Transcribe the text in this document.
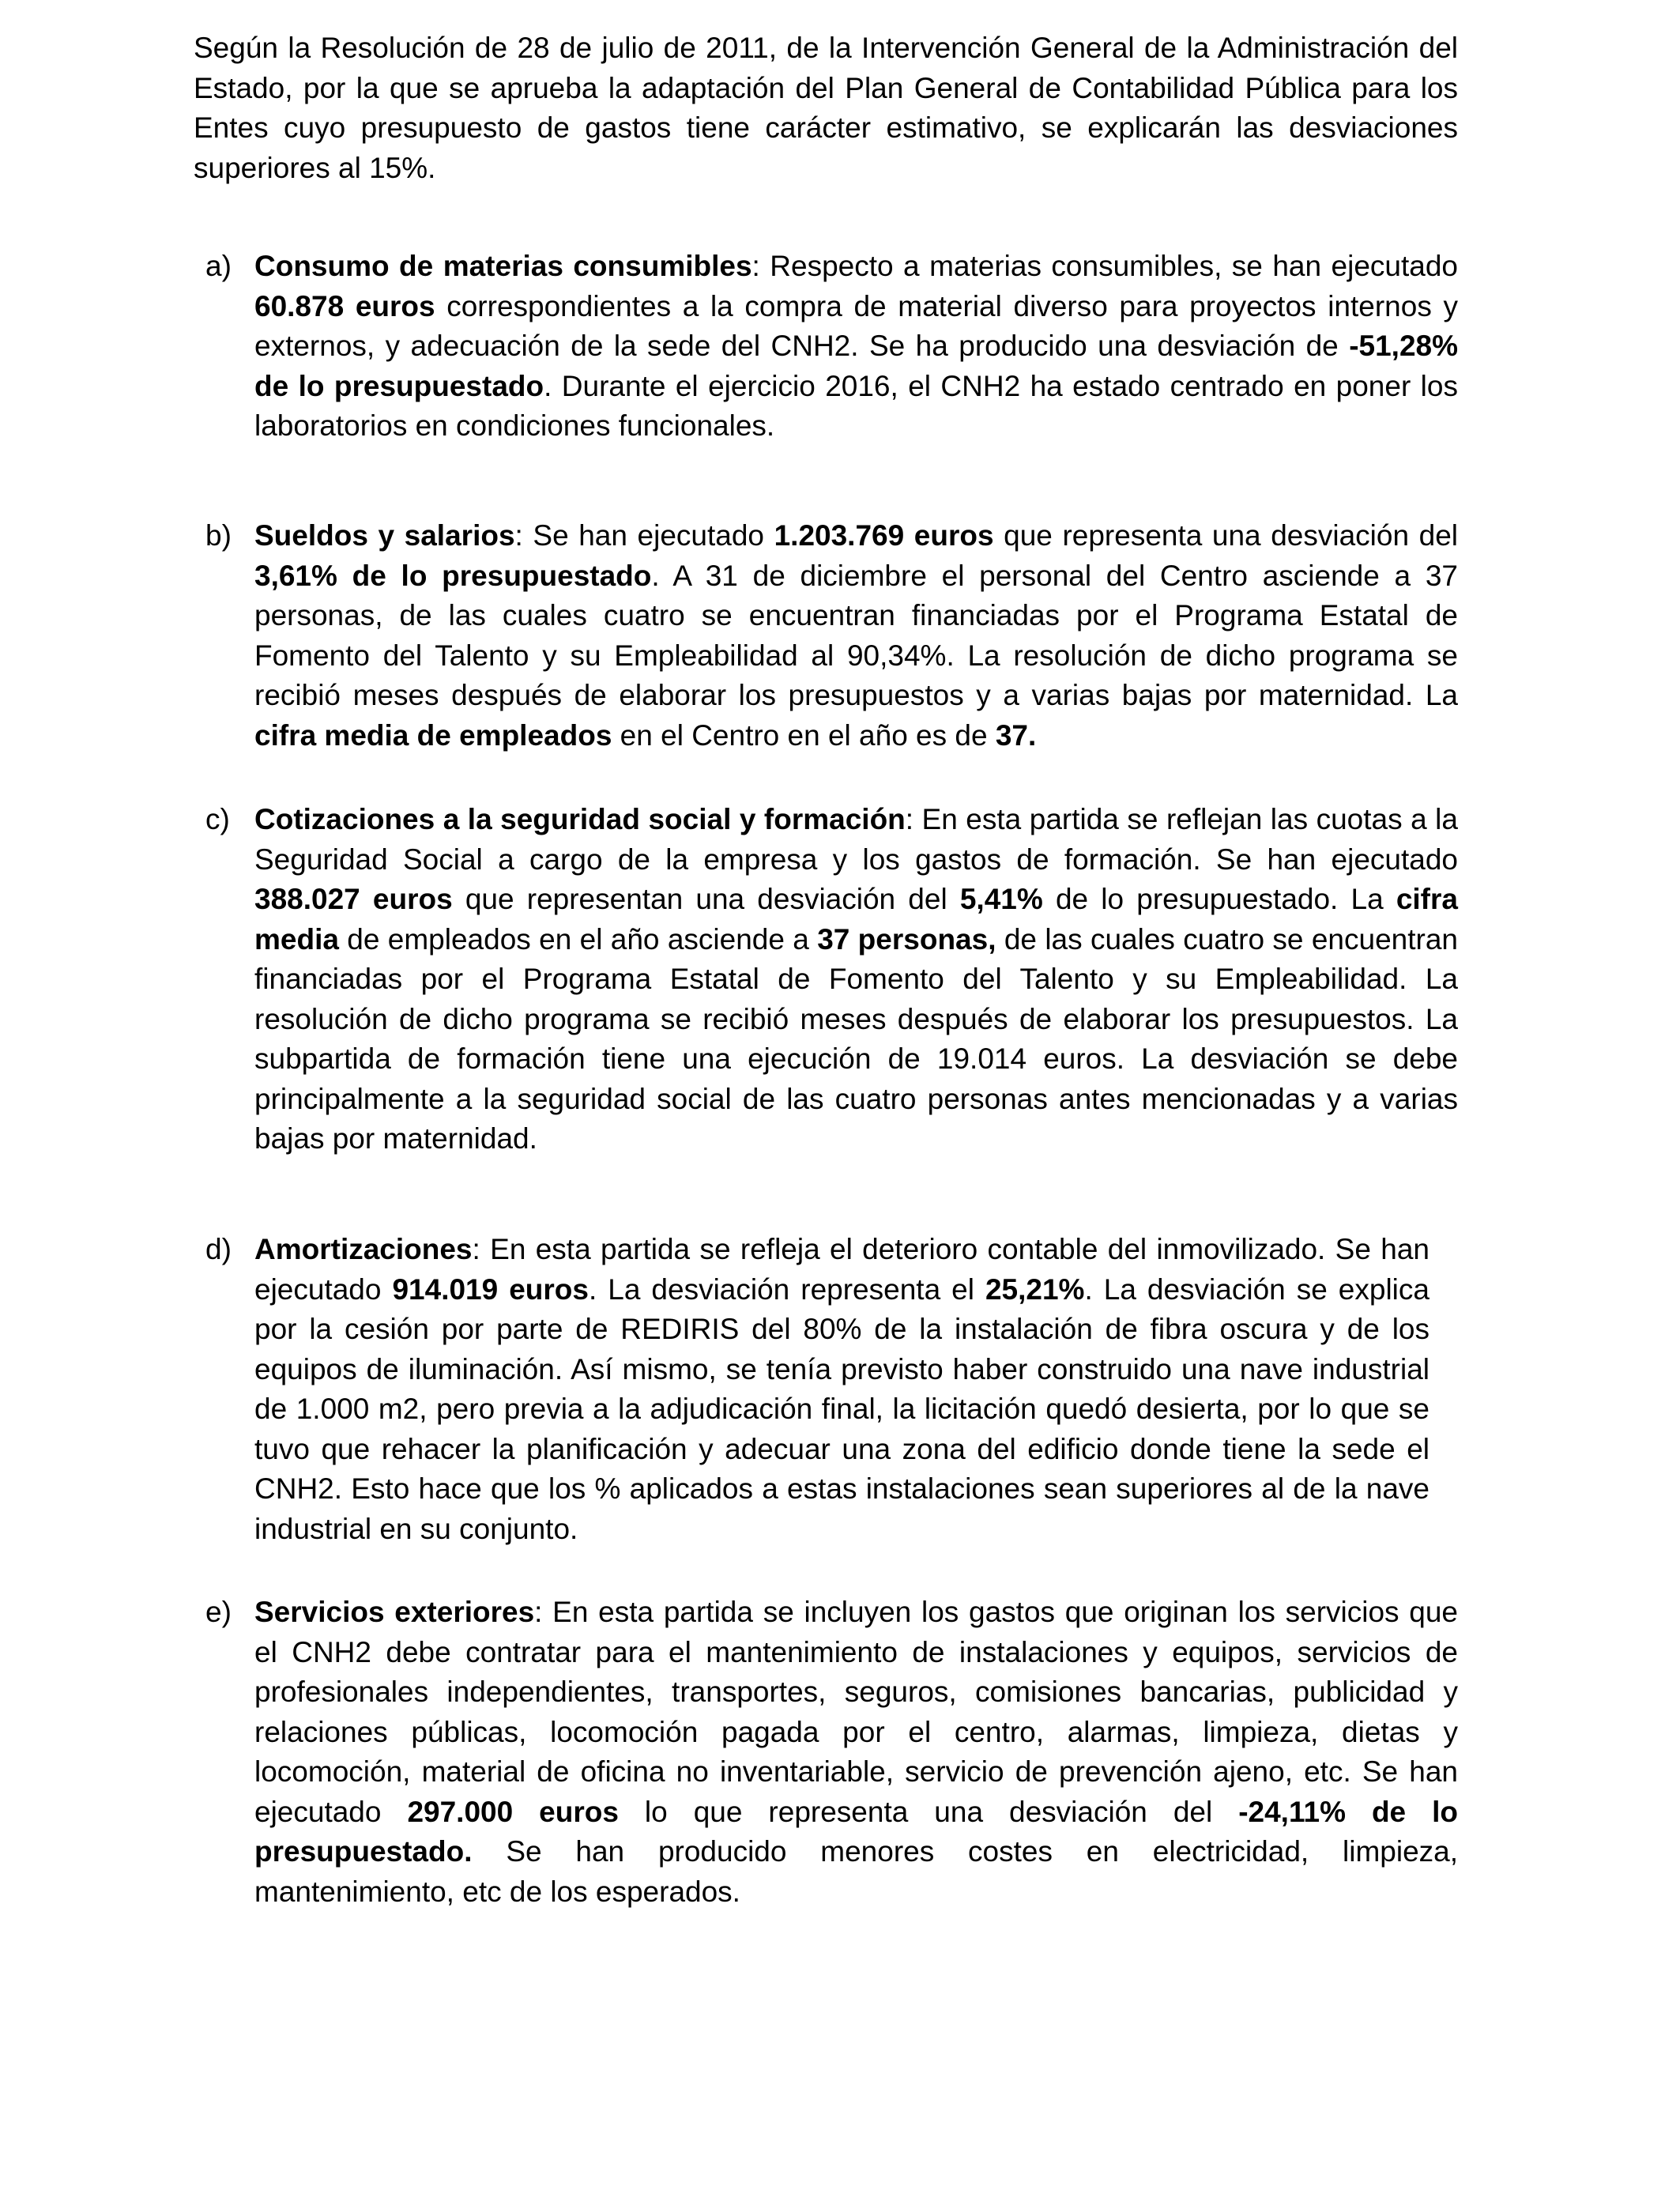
Según la Resolución de 28 de julio de 2011, de la Intervención General de la Administración del Estado, por la que se aprueba la adaptación del Plan General de Contabilidad Pública para los Entes cuyo presupuesto de gastos tiene carácter estimativo, se explicarán las desviaciones superiores al 15%.

a) Consumo de materias consumibles: Respecto a materias consumibles, se han ejecutado 60.878 euros correspondientes a la compra de material diverso para proyectos internos y externos, y adecuación de la sede del CNH2. Se ha producido una desviación de -51,28% de lo presupuestado. Durante el ejercicio 2016, el CNH2 ha estado centrado en poner los laboratorios en condiciones funcionales.

b) Sueldos y salarios: Se han ejecutado 1.203.769 euros que representa una desviación del 3,61% de lo presupuestado. A 31 de diciembre el personal del Centro asciende a 37 personas, de las cuales cuatro se encuentran financiadas por el Programa Estatal de Fomento del Talento y su Empleabilidad al 90,34%. La resolución de dicho programa se recibió meses después de elaborar los presupuestos y a varias bajas por maternidad. La cifra media de empleados en el Centro en el año es de 37.

c) Cotizaciones a la seguridad social y formación: En esta partida se reflejan las cuotas a la Seguridad Social a cargo de la empresa y los gastos de formación. Se han ejecutado 388.027 euros que representan una desviación del 5,41% de lo presupuestado. La cifra media de empleados en el año asciende a 37 personas, de las cuales cuatro se encuentran financiadas por el Programa Estatal de Fomento del Talento y su Empleabilidad. La resolución de dicho programa se recibió meses después de elaborar los presupuestos. La subpartida de formación tiene una ejecución de 19.014 euros. La desviación se debe principalmente a la seguridad social de las cuatro personas antes mencionadas y a varias bajas por maternidad.

d) Amortizaciones: En esta partida se refleja el deterioro contable del inmovilizado. Se han ejecutado 914.019 euros. La desviación representa el 25,21%. La desviación se explica por la cesión por parte de REDIRIS del 80% de la instalación de fibra oscura y de los equipos de iluminación. Así mismo, se tenía previsto haber construido una nave industrial de 1.000 m2, pero previa a la adjudicación final, la licitación quedó desierta, por lo que se tuvo que rehacer la planificación y adecuar una zona del edificio donde tiene la sede el CNH2. Esto hace que los % aplicados a estas instalaciones sean superiores al de la nave industrial en su conjunto.

e) Servicios exteriores: En esta partida se incluyen los gastos que originan los servicios que el CNH2 debe contratar para el mantenimiento de instalaciones y equipos, servicios de profesionales independientes, transportes, seguros, comisiones bancarias, publicidad y relaciones públicas, locomoción pagada por el centro, alarmas, limpieza, dietas y locomoción, material de oficina no inventariable, servicio de prevención ajeno, etc. Se han ejecutado 297.000 euros lo que representa una desviación del -24,11% de lo presupuestado. Se han producido menores costes en electricidad, limpieza, mantenimiento, etc de los esperados.
